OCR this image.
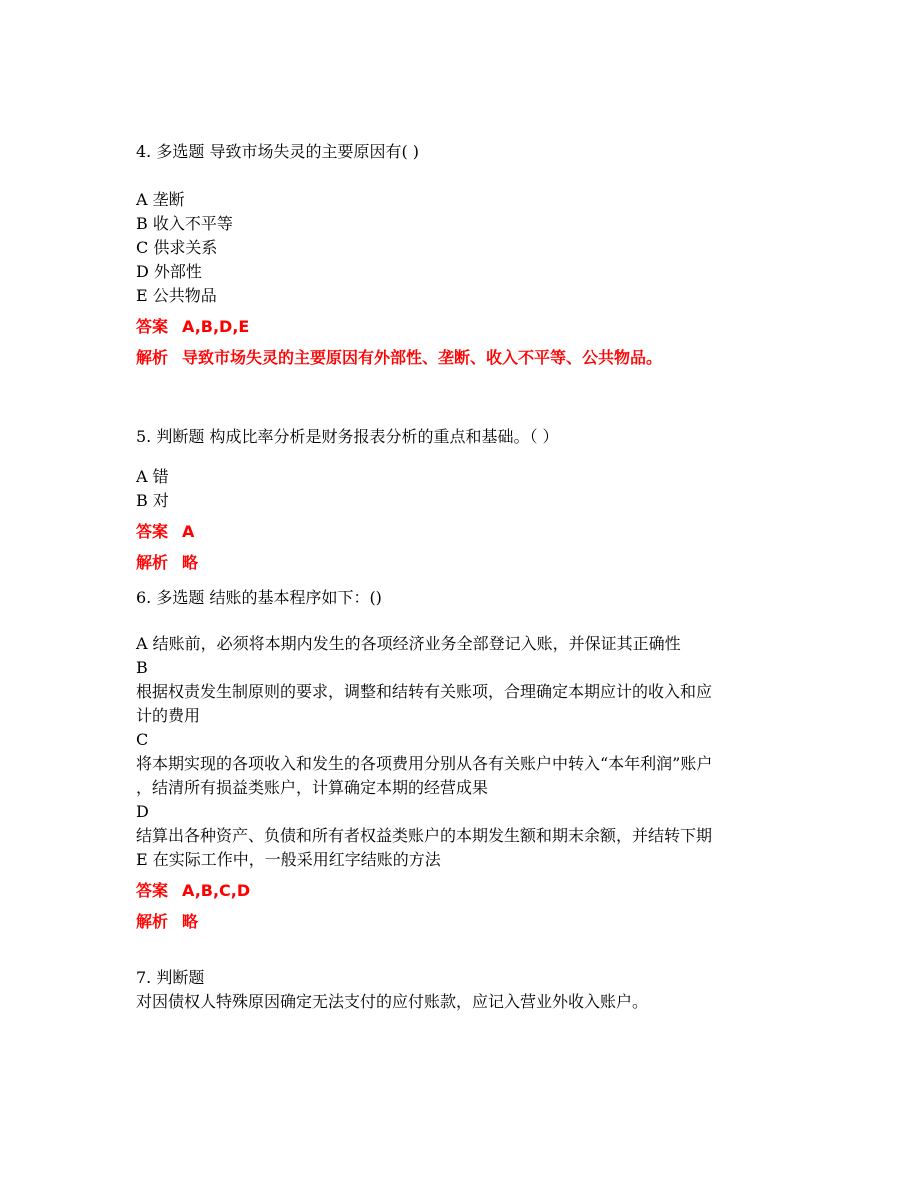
4. 多选题 导致市场失灵的主要原因有( )
A 垄断
B 收入不平等
C 供求关系
D 外部性
E 公共物品
答案 A,B,D,E
解析 导致市场失灵的主要原因有外部性、垄断、收入不平等、公共物品。
5. 判断题 构成比率分析是财务报表分析的重点和基础。（ ）
A 错
B 对
答案 A
解析 略
6. 多选题 结账的基本程序如下：()
A 结账前，必须将本期内发生的各项经济业务全部登记入账，并保证其正确性
B
根据权责发生制原则的要求，调整和结转有关账项，合理确定本期应计的收入和应
计的费用
C
将本期实现的各项收入和发生的各项费用分别从各有关账户中转入“本年利润”账户
，结清所有损益类账户，计算确定本期的经营成果
D
结算出各种资产、负债和所有者权益类账户的本期发生额和期末余额，并结转下期
E 在实际工作中，一般采用红字结账的方法
答案 A,B,C,D
解析 略
7. 判断题
对因债权人特殊原因确定无法支付的应付账款，应记入营业外收入账户。
